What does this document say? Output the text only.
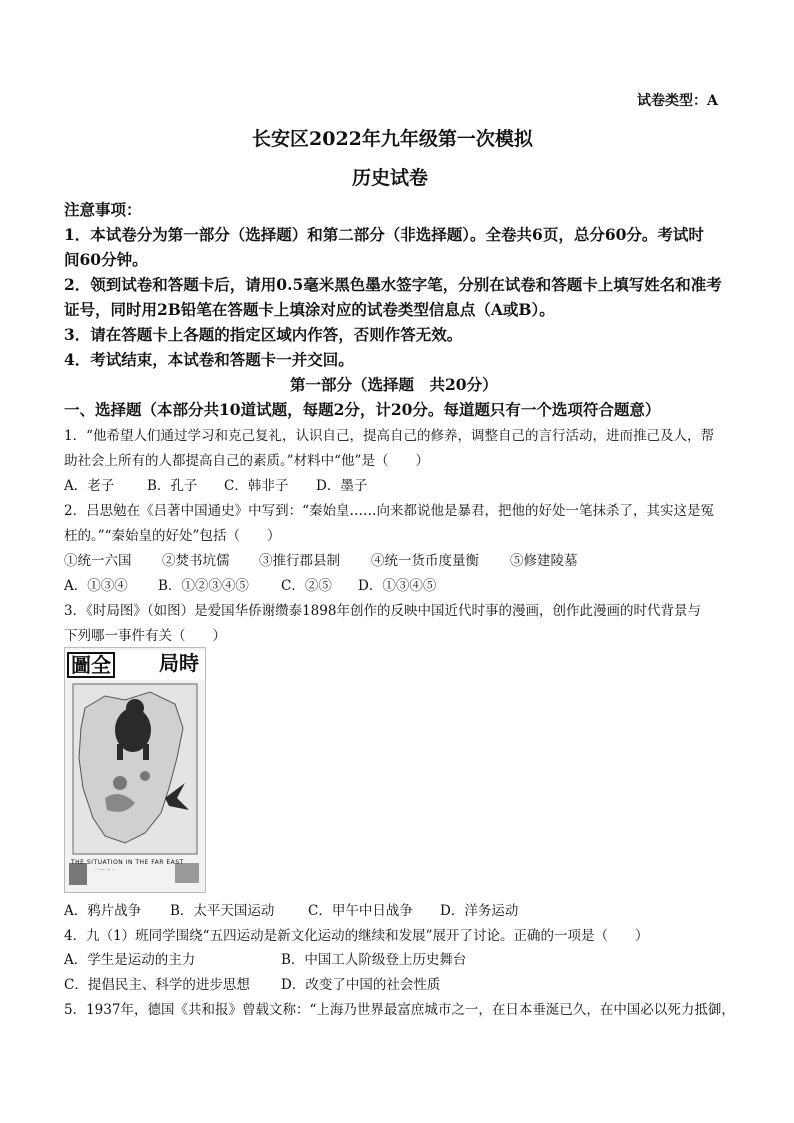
试卷类型：A
长安区2022年九年级第一次模拟
历史试卷
注意事项：
1．本试卷分为第一部分（选择题）和第二部分（非选择题）。全卷共6页，总分60分。考试时
间60分钟。
2．领到试卷和答题卡后，请用0.5毫米黑色墨水签字笔，分别在试卷和答题卡上填写姓名和准考
证号，同时用2B铅笔在答题卡上填涂对应的试卷类型信息点（A或B）。
3．请在答题卡上各题的指定区域内作答，否则作答无效。
4．考试结束，本试卷和答题卡一并交回。
第一部分（选择题　共20分）
一、选择题（本部分共10道试题，每题2分，计20分。每道题只有一个选项符合题意）
1．“他希望人们通过学习和克己复礼，认识自己，提高自己的修养，调整自己的言行活动，进而推己及人，帮
助社会上所有的人都提高自己的素质。”材料中“他”是（　　）
A．老子 B．孔子 C．韩非子 D．墨子
2．吕思勉在《吕著中国通史》中写到：“秦始皇……向来都说他是暴君，把他的好处一笔抹杀了，其实这是冤
枉的。”“秦始皇的好处”包括（　　）
①统一六国 ②焚书坑儒 ③推行郡县制 ④统一货币度量衡 ⑤修建陵墓
A．①③④ B．①②③④⑤ C．②⑤ D．①③④⑤
3．《时局图》（如图）是爱国华侨谢缵泰1898年创作的反映中国近代时事的漫画，创作此漫画的时代背景与
下列哪一事件有关（　　）
圖全 局時
· ··· ·· ·
THE SITUATION IN THE FAR EAST
A．鸦片战争 B．太平天国运动 C．甲午中日战争 D．洋务运动
4．九（1）班同学围绕“五四运动是新文化运动的继续和发展”展开了讨论。正确的一项是（　　）
A．学生是运动的主力	B．中国工人阶级登上历史舞台
C．提倡民主、科学的进步思想 D．改变了中国的社会性质
5．1937年，德国《共和报》曾载文称：“上海乃世界最富庶城市之一，在日本垂涎已久，在中国必以死力抵御，
